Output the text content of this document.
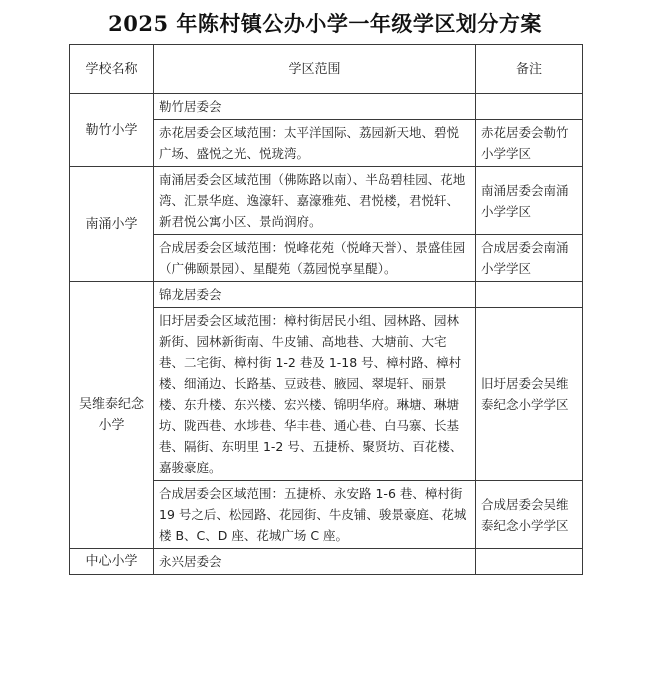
2025 年陈村镇公办小学一年级学区划分方案
学校名称	学区范围	备注
勒竹小学	勒竹居委会	
	赤花居委会区域范围：太平洋国际、荔园新天地、碧悦广场、盛悦之光、悦珑湾。	赤花居委会勒竹小学学区
南涌小学	南涌居委会区域范围（佛陈路以南）、半岛碧桂园、花地湾、汇景华庭、逸濠轩、嘉濠雅苑、君悦楼，君悦轩、新君悦公寓小区、景尚润府。	南涌居委会南涌小学学区
	合成居委会区域范围：悦峰花苑（悦峰天誉）、景盛佳园（广佛颐景园）、星醍苑（荔园悦享星醍）。	合成居委会南涌小学学区
吴维泰纪念小学	锦龙居委会	
	旧圩居委会区域范围：樟村街居民小组、园林路、园林新街、园林新街南、牛皮铺、高地巷、大塘前、大宅巷、二宅街、樟村街 1-2 巷及 1-18 号、樟村路、樟村楼、细涌边、长路基、豆豉巷、腋园、翠堤轩、丽景楼、东升楼、东兴楼、宏兴楼、锦明华府。琳塘、琳塘坊、陇西巷、水埗巷、华丰巷、通心巷、白马寨、长基巷、隔街、东明里 1-2 号、五捷桥、聚贤坊、百花楼、嘉骏豪庭。	旧圩居委会吴维泰纪念小学学区
	合成居委会区域范围：五捷桥、永安路 1-6 巷、樟村街 19 号之后、松园路、花园街、牛皮铺、骏景豪庭、花城楼 B、C、D 座、花城广场 C 座。	合成居委会吴维泰纪念小学学区
中心小学	永兴居委会	
